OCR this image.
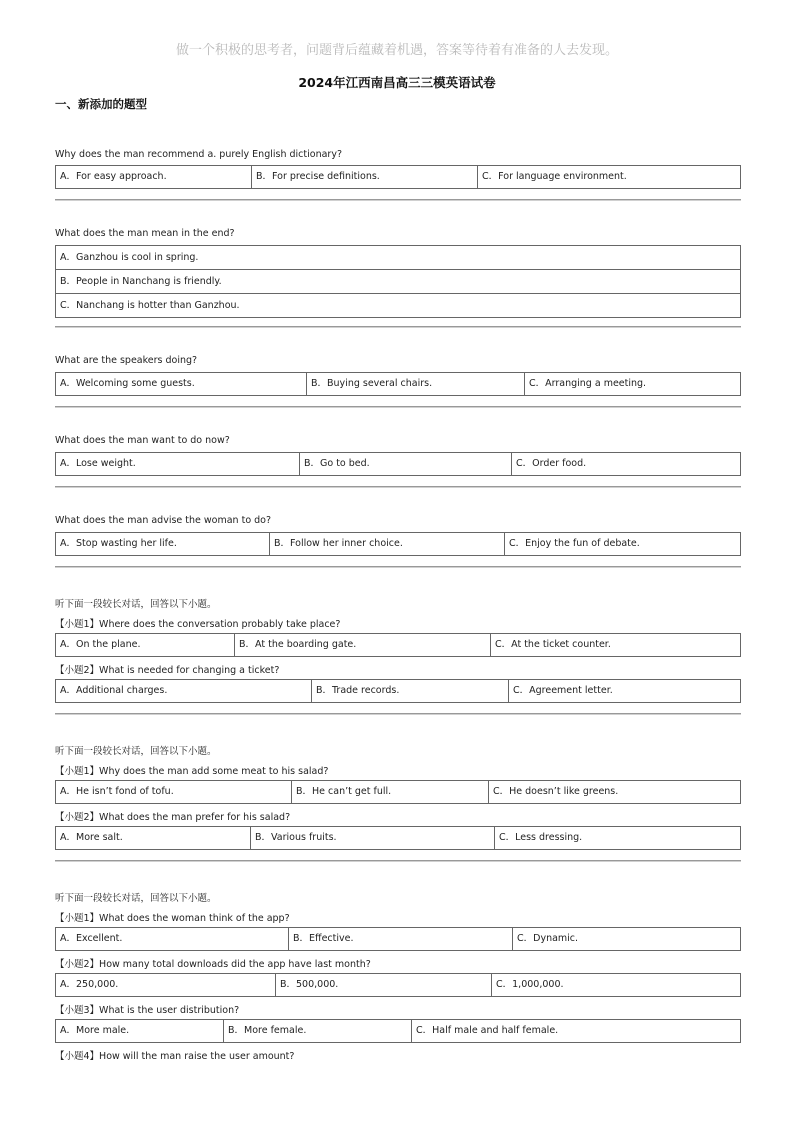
做一个积极的思考者，问题背后蕴藏着机遇，答案等待着有准备的人去发现。
2024年江西南昌高三三模英语试卷
一、新添加的题型
Why does the man recommend a. purely English dictionary?
A．For easy approach.	B．For precise definitions.	C．For language environment.
What does the man mean in the end?
A．Ganzhou is cool in spring.
B．People in Nanchang is friendly.
C．Nanchang is hotter than Ganzhou.
What are the speakers doing?
A．Welcoming some guests.	B．Buying several chairs.	C．Arranging a meeting.
What does the man want to do now?
A．Lose weight.	B．Go to bed.	C．Order food.
What does the man advise the woman to do?
A．Stop wasting her life.	B．Follow her inner choice.	C．Enjoy the fun of debate.
听下面一段较长对话，回答以下小题。
【小题1】Where does the conversation probably take place?
A．On the plane.	B．At the boarding gate.	C．At the ticket counter.
【小题2】What is needed for changing a ticket?
A．Additional charges.	B．Trade records.	C．Agreement letter.
听下面一段较长对话，回答以下小题。
【小题1】Why does the man add some meat to his salad?
A．He isn’t fond of tofu.	B．He can’t get full.	C．He doesn’t like greens.
【小题2】What does the man prefer for his salad?
A．More salt.	B．Various fruits.	C．Less dressing.
听下面一段较长对话，回答以下小题。
【小题1】What does the woman think of the app?
A．Excellent.	B．Effective.	C．Dynamic.
【小题2】How many total downloads did the app have last month?
A．250,000.	B．500,000.	C．1,000,000.
【小题3】What is the user distribution?
A．More male.	B．More female.	C．Half male and half female.
【小题4】How will the man raise the user amount?
